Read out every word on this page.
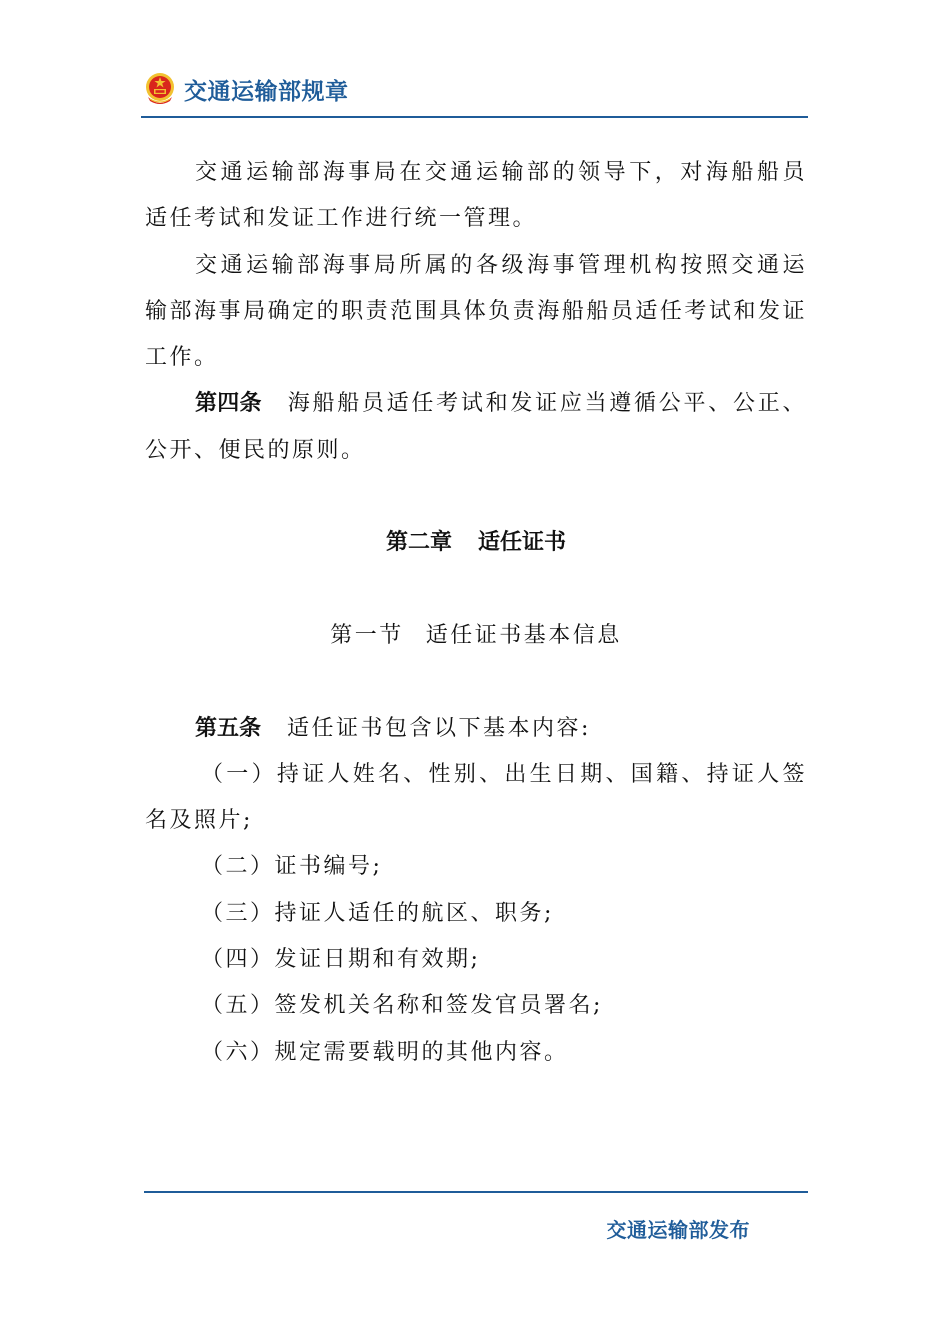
交通运输部规章

交通运输部海事局在交通运输部的领导下，对海船船员适任考试和发证工作进行统一管理。

交通运输部海事局所属的各级海事管理机构按照交通运输部海事局确定的职责范围具体负责海船船员适任考试和发证工作。

第四条 海船船员适任考试和发证应当遵循公平、公正、公开、便民的原则。

第二章 适任证书

第一节 适任证书基本信息

第五条 适任证书包含以下基本内容:

（一）持证人姓名、性别、出生日期、国籍、持证人签名及照片;

（二）证书编号;

（三）持证人适任的航区、职务;

（四）发证日期和有效期;

（五）签发机关名称和签发官员署名;

（六）规定需要载明的其他内容。

交通运输部发布
